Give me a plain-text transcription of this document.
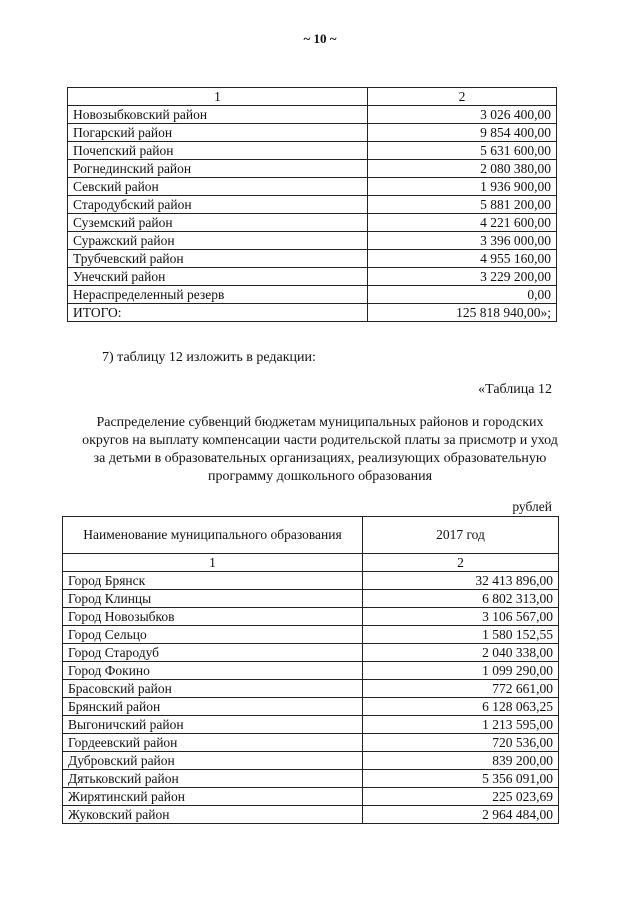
~ 10 ~
1	2
Новозыбковский район	3 026 400,00
Погарский район	9 854 400,00
Почепский район	5 631 600,00
Рогнединский район	2 080 380,00
Севский район	1 936 900,00
Стародубский район	5 881 200,00
Суземский район	4 221 600,00
Суражский район	3 396 000,00
Трубчевский район	4 955 160,00
Унечский район	3 229 200,00
Нераспределенный резерв	0,00
ИТОГО:	125 818 940,00»;

7) таблицу 12 изложить в редакции:

«Таблица 12

Распределение субвенций бюджетам муниципальных районов и городских округов на выплату компенсации части родительской платы за присмотр и уход за детьми в образовательных организациях, реализующих образовательную программу дошкольного образования

рублей

Наименование муниципального образования	2017 год
1	2
Город Брянск	32 413 896,00
Город Клинцы	6 802 313,00
Город Новозыбков	3 106 567,00
Город Сельцо	1 580 152,55
Город Стародуб	2 040 338,00
Город Фокино	1 099 290,00
Брасовский район	772 661,00
Брянский район	6 128 063,25
Выгоничский район	1 213 595,00
Гордеевский район	720 536,00
Дубровский район	839 200,00
Дятьковский район	5 356 091,00
Жирятинский район	225 023,69
Жуковский район	2 964 484,00
